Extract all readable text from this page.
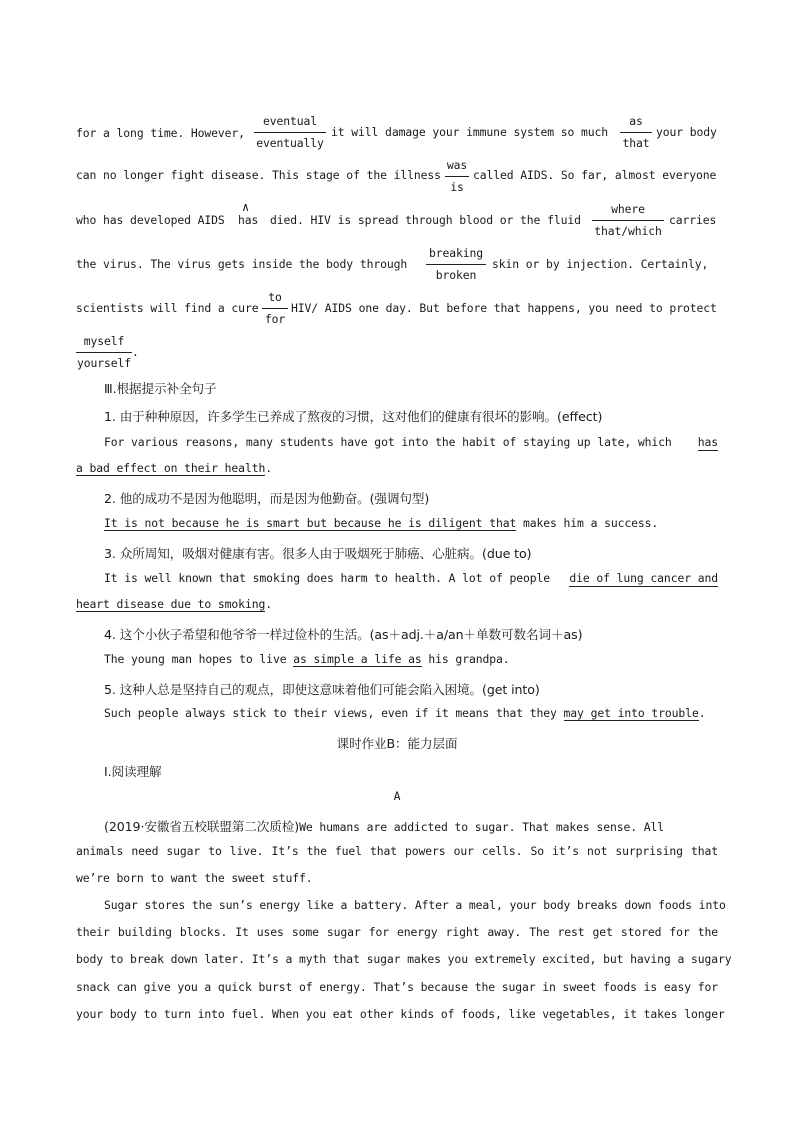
for a long time. However,
eventual
eventually
it will damage your immune system so much
as
that
your body
can no longer fight disease. This stage of the illness
was
is
called AIDS. So far, almost everyone
who has developed AIDS
∧
has died. HIV is spread through blood or the fluid
where
that/which
carries
the virus. The virus gets inside the body through
breaking
broken
skin or by injection. Certainly,
scientists will find a cure
to
for
HIV/ AIDS one day. But before that happens, you need to protect
myself
yourself
.
Ⅲ.根据提示补全句子
1. 由于种种原因，许多学生已养成了熬夜的习惯，这对他们的健康有很坏的影响。(effect)
For various reasons, many students have got into the habit of staying up late, which has
a bad effect on their health.
2. 他的成功不是因为他聪明，而是因为他勤奋。(强调句型)
It is not because he is smart but because he is diligent that makes him a success.
3. 众所周知，吸烟对健康有害。很多人由于吸烟死于肺癌、心脏病。(due to)
It is well known that smoking does harm to health. A lot of people die of lung cancer and
heart disease due to smoking.
4. 这个小伙子希望和他爷爷一样过俭朴的生活。(as＋adj.＋a/an＋单数可数名词＋as)
The young man hopes to live as simple a life as his grandpa.
5. 这种人总是坚持自己的观点，即使这意味着他们可能会陷入困境。(get into)
Such people always stick to their views, even if it means that they may get into trouble.
课时作业B：能力层面
Ⅰ.阅读理解
A
(2019·安徽省五校联盟第二次质检)We humans are addicted to sugar. That makes sense. All
animals need sugar to live. It’s the fuel that powers our cells. So it’s not surprising that
we’re born to want the sweet stuff.
Sugar stores the sun’s energy like a battery. After a meal, your body breaks down foods into
their building blocks. It uses some sugar for energy right away. The rest get stored for the
body to break down later. It’s a myth that sugar makes you extremely excited, but having a sugary
snack can give you a quick burst of energy. That’s because the sugar in sweet foods is easy for
your body to turn into fuel. When you eat other kinds of foods, like vegetables, it takes longer
